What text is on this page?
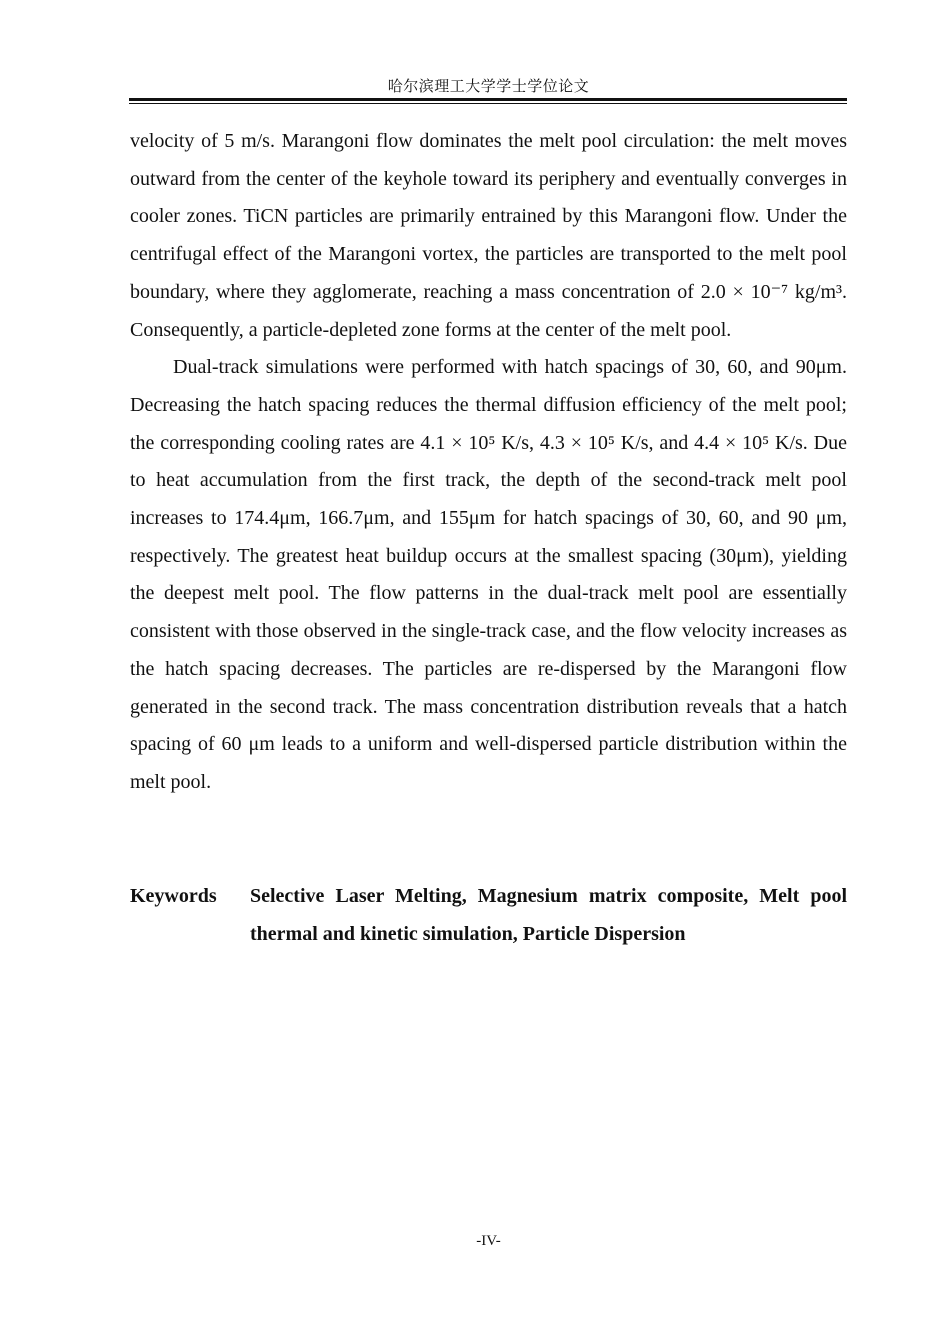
哈尔滨理工大学学士学位论文

velocity of 5 m/s. Marangoni flow dominates the melt pool circulation: the melt moves outward from the center of the keyhole toward its periphery and eventually converges in cooler zones. TiCN particles are primarily entrained by this Marangoni flow. Under the centrifugal effect of the Marangoni vortex, the particles are transported to the melt pool boundary, where they agglomerate, reaching a mass concentration of 2.0 × 10⁻⁷ kg/m³. Consequently, a particle-depleted zone forms at the center of the melt pool.

Dual-track simulations were performed with hatch spacings of 30, 60, and 90μm. Decreasing the hatch spacing reduces the thermal diffusion efficiency of the melt pool; the corresponding cooling rates are 4.1 × 10⁵ K/s, 4.3 × 10⁵ K/s, and 4.4 × 10⁵ K/s. Due to heat accumulation from the first track, the depth of the second-track melt pool increases to 174.4μm, 166.7μm, and 155μm for hatch spacings of 30, 60, and 90 μm, respectively. The greatest heat buildup occurs at the smallest spacing (30μm), yielding the deepest melt pool. The flow patterns in the dual-track melt pool are essentially consistent with those observed in the single-track case, and the flow velocity increases as the hatch spacing decreases. The particles are re-dispersed by the Marangoni flow generated in the second track. The mass concentration distribution reveals that a hatch spacing of 60 μm leads to a uniform and well-dispersed particle distribution within the melt pool.

Keywords	Selective Laser Melting, Magnesium matrix composite, Melt pool thermal and kinetic simulation, Particle Dispersion
-IV-
